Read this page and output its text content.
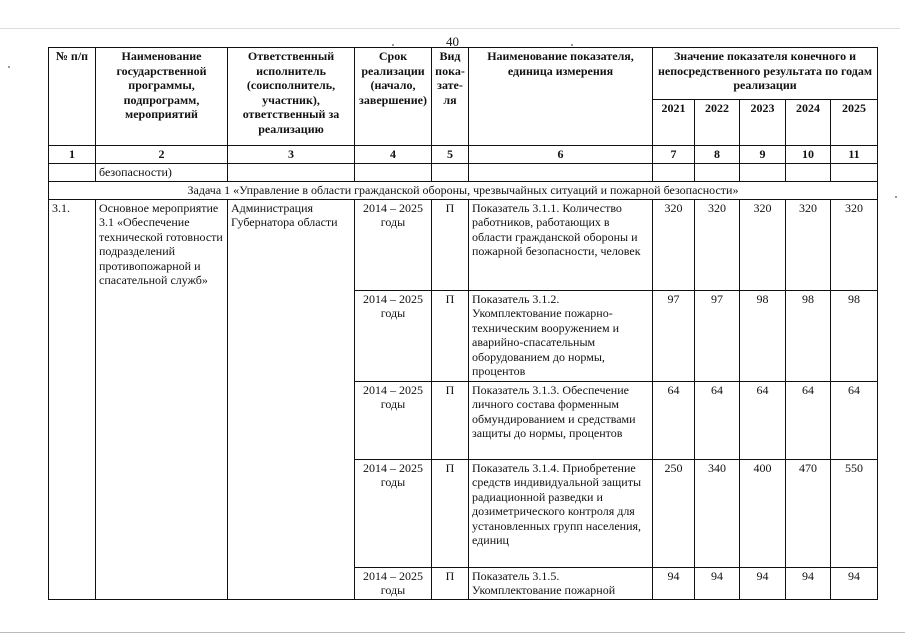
40
№ п/п	Наименование государственной программы, подпрограмм, мероприятий	Ответственный исполнитель (соисполнитель, участник), ответственный за реализацию	Срок реализации (начало, завершение)	Вид пока-зате-ля	Наименование показателя, единица измерения	Значение показателя конечного и непосредственного результата по годам реализации				
						2021	2022	2023	2024	2025
1	2	3	4	5	6	7	8	9	10	11
	безопасности)									
Задача 1 «Управление в области гражданской обороны, чрезвычайных ситуаций и пожарной безопасности»										
3.1.	Основное мероприятие 3.1 «Обеспечение технической готовности подразделений противопожарной и спасательной служб»	Администрация Губернатора области	2014 – 2025 годы	П	Показатель 3.1.1. Количество работников, работающих в области гражданской обороны и пожарной безопасности, человек	320	320	320	320	320
			2014 – 2025 годы	П	Показатель 3.1.2. Укомплектование пожарно-техническим вооружением и аварийно-спасательным оборудованием до нормы, процентов	97	97	98	98	98
			2014 – 2025 годы	П	Показатель 3.1.3. Обеспечение личного состава форменным обмундированием и средствами защиты до нормы, процентов	64	64	64	64	64
			2014 – 2025 годы	П	Показатель 3.1.4. Приобретение средств индивидуальной защиты радиационной разведки и дозиметрического контроля для установленных групп населения, единиц	250	340	400	470	550
			2014 – 2025 годы	П	Показатель 3.1.5. Укомплектование пожарной	94	94	94	94	94
